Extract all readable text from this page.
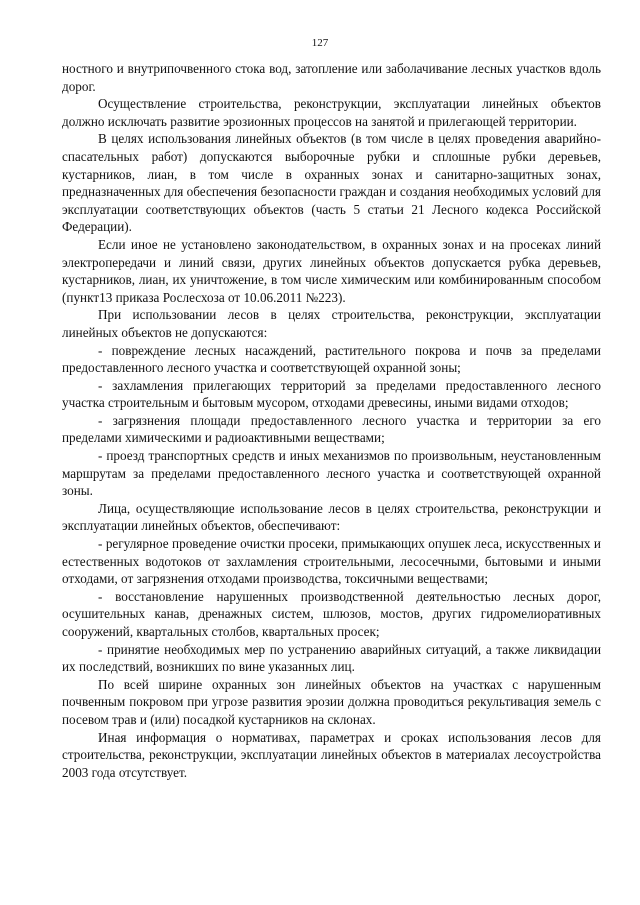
127

ностного и внутрипочвенного стока вод, затопление или заболачивание лесных участков вдоль дорог.

Осуществление строительства, реконструкции, эксплуатации линейных объектов должно исключать развитие эрозионных процессов на занятой и прилегающей территории.

В целях использования линейных объектов (в том числе в целях проведения аварийно-спасательных работ) допускаются выборочные рубки и сплошные рубки деревьев, кустарников, лиан, в том числе в охранных зонах и санитарно-защитных зонах, предназначенных для обеспечения безопасности граждан и создания необходимых условий для эксплуатации соответствующих объектов (часть 5 статьи 21 Лесного кодекса Российской Федерации).

Если иное не установлено законодательством, в охранных зонах и на просеках линий электропередачи и линий связи, других линейных объектов допускается рубка деревьев, кустарников, лиан, их уничтожение, в том числе химическим или комбинированным способом (пункт13 приказа Рослесхоза от 10.06.2011 №223).

При использовании лесов в целях строительства, реконструкции, эксплуатации линейных объектов не допускаются:

- повреждение лесных насаждений, растительного покрова и почв за пределами предоставленного лесного участка и соответствующей охранной зоны;

- захламления прилегающих территорий за пределами предоставленного лесного участка строительным и бытовым мусором, отходами древесины, иными видами отходов;

- загрязнения площади предоставленного лесного участка и территории за его пределами химическими и радиоактивными веществами;

- проезд транспортных средств и иных механизмов по произвольным, неустановленным маршрутам за пределами предоставленного лесного участка и соответствующей охранной зоны.

Лица, осуществляющие использование лесов в целях строительства, реконструкции и эксплуатации линейных объектов, обеспечивают:

- регулярное проведение очистки просеки, примыкающих опушек леса, искусственных и естественных водотоков от захламления строительными, лесосечными, бытовыми и иными отходами, от загрязнения отходами производства, токсичными веществами;

- восстановление нарушенных производственной деятельностью лесных дорог, осушительных канав, дренажных систем, шлюзов, мостов, других гидромелиоративных сооружений, квартальных столбов, квартальных просек;

- принятие необходимых мер по устранению аварийных ситуаций, а также ликвидации их последствий, возникших по вине указанных лиц.

По всей ширине охранных зон линейных объектов на участках с нарушенным почвенным покровом при угрозе развития эрозии должна проводиться рекультивация земель с посевом трав и (или) посадкой кустарников на склонах.

Иная информация о нормативах, параметрах и сроках использования лесов для строительства, реконструкции, эксплуатации линейных объектов в материалах лесоустройства 2003 года отсутствует.
